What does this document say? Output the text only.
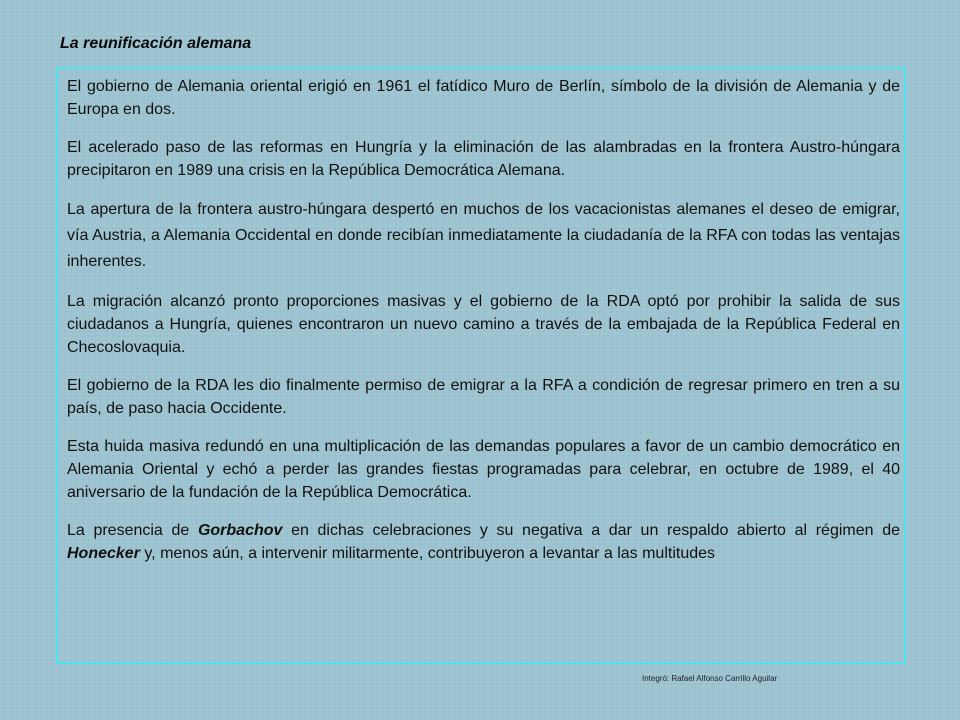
La reunificación alemana

El gobierno de Alemania oriental erigió en 1961 el fatídico Muro de Berlín, símbolo de la división de Alemania y de Europa en dos.

El acelerado paso de las reformas en Hungría y la eliminación de las alambradas en la frontera Austro-húngara precipitaron en 1989 una crisis en la República Democrática Alemana.

La apertura de la frontera austro-húngara despertó en muchos de los vacacionistas alemanes el deseo de emigrar, vía Austria, a Alemania Occidental en donde recibían inmediatamente la ciudadanía de la RFA con todas las ventajas inherentes.

La migración alcanzó pronto proporciones masivas y el gobierno de la RDA optó por prohibir la salida de sus ciudadanos a Hungría, quienes encontraron un nuevo camino a través de la embajada de la República Federal en Checoslovaquia.

El gobierno de la RDA les dio finalmente permiso de emigrar a la RFA a condición de regresar primero en tren a su país, de paso hacia Occidente.

Esta huida masiva redundó en una multiplicación de las demandas populares a favor de un cambio democrático en Alemania Oriental y echó a perder las grandes fiestas programadas para celebrar, en octubre de 1989, el 40 aniversario de la fundación de la República Democrática.

La presencia de Gorbachov en dichas celebraciones y su negativa a dar un respaldo abierto al régimen de Honecker y, menos aún, a intervenir militarmente, contribuyeron a levantar a las multitudes

Integró: Rafael Alfonso Carrillo Aguilar
